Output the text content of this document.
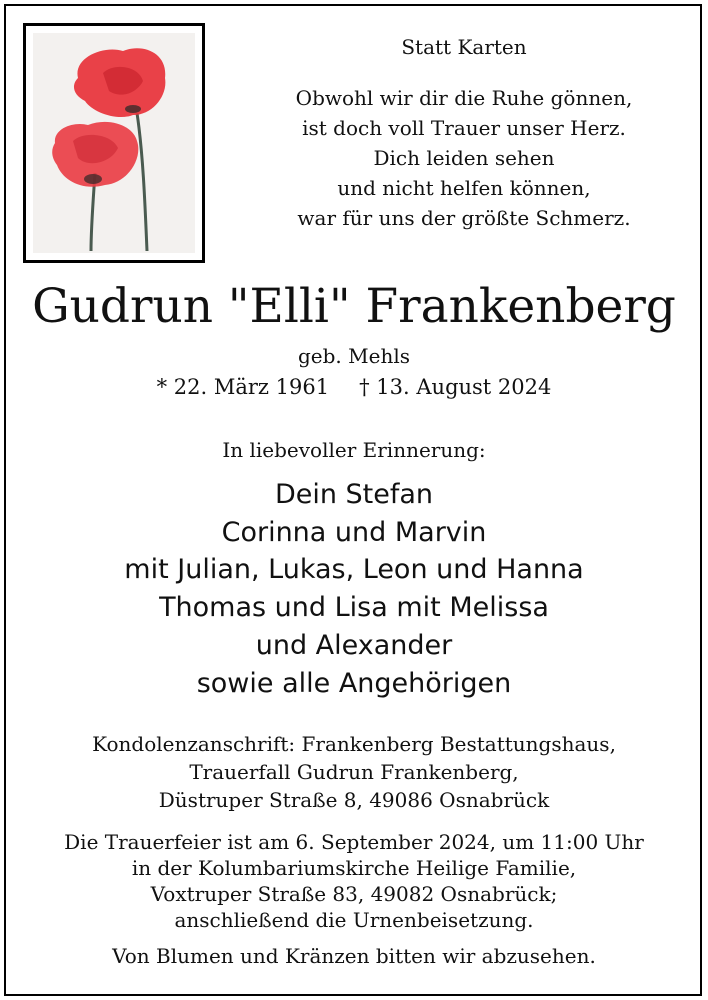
Statt Karten
Obwohl wir dir die Ruhe gönnen,
ist doch voll Trauer unser Herz.
Dich leiden sehen
und nicht helfen können,
war für uns der größte Schmerz.
Gudrun "Elli" Frankenberg
geb. Mehls
* 22. März 1961 † 13. August 2024
In liebevoller Erinnerung:
Dein Stefan
Corinna und Marvin
mit Julian, Lukas, Leon und Hanna
Thomas und Lisa mit Melissa
und Alexander
sowie alle Angehörigen
Kondolenzanschrift: Frankenberg Bestattungshaus,
Trauerfall Gudrun Frankenberg,
Düstruper Straße 8, 49086 Osnabrück
Die Trauerfeier ist am 6. September 2024, um 11:00 Uhr
in der Kolumbariumskirche Heilige Familie,
Voxtruper Straße 83, 49082 Osnabrück;
anschließend die Urnenbeisetzung.
Von Blumen und Kränzen bitten wir abzusehen.
